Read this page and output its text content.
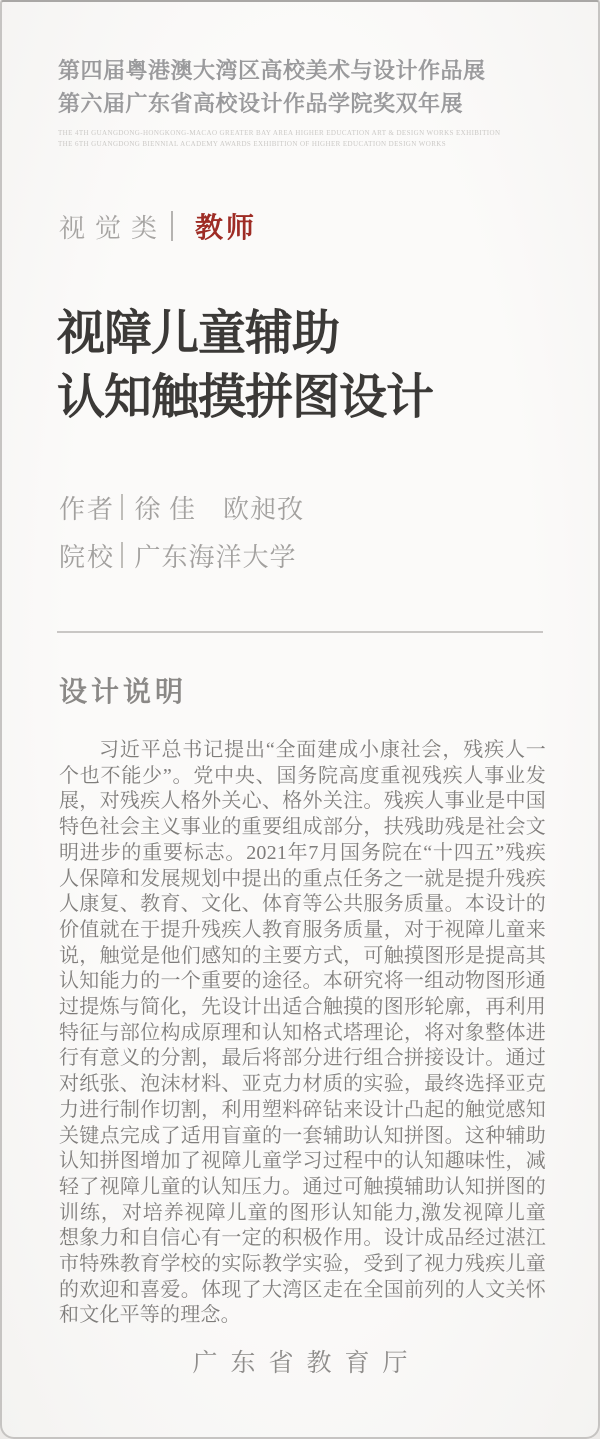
第四届粤港澳大湾区高校美术与设计作品展
第六届广东省高校设计作品学院奖双年展
THE 4TH GUANGDONG-HONGKONG-MACAO GREATER BAY AREA HIGHER EDUCATION ART & DESIGN WORKS EXHIBITION
THE 6TH GUANGDONG BIENNIAL ACADEMY AWARDS EXHIBITION OF HIGHER EDUCATION DESIGN WORKS
视觉类 教师
视障儿童辅助
认知触摸拼图设计
作者 徐 佳　欧昶孜
院校 广东海洋大学
设计说明

习近平总书记提出“全面建成小康社会，残疾人一个也不能少”。党中央、国务院高度重视残疾人事业发展，对残疾人格外关心、格外关注。残疾人事业是中国特色社会主义事业的重要组成部分，扶残助残是社会文明进步的重要标志。2021年7月国务院在“十四五”残疾人保障和发展规划中提出的重点任务之一就是提升残疾人康复、教育、文化、体育等公共服务质量。本设计的价值就在于提升残疾人教育服务质量，对于视障儿童来说，触觉是他们感知的主要方式，可触摸图形是提高其认知能力的一个重要的途径。本研究将一组动物图形通过提炼与简化，先设计出适合触摸的图形轮廓，再利用特征与部位构成原理和认知格式塔理论，将对象整体进行有意义的分割，最后将部分进行组合拼接设计。通过对纸张、泡沫材料、亚克力材质的实验，最终选择亚克力进行制作切割，利用塑料碎钻来设计凸起的触觉感知关键点完成了适用盲童的一套辅助认知拼图。这种辅助认知拼图增加了视障儿童学习过程中的认知趣味性，减轻了视障儿童的认知压力。通过可触摸辅助认知拼图的训练，对培养视障儿童的图形认知能力,激发视障儿童想象力和自信心有一定的积极作用。设计成品经过湛江市特殊教育学校的实际教学实验，受到了视力残疾儿童的欢迎和喜爱。体现了大湾区走在全国前列的人文关怀和文化平等的理念。

广东省教育厅
